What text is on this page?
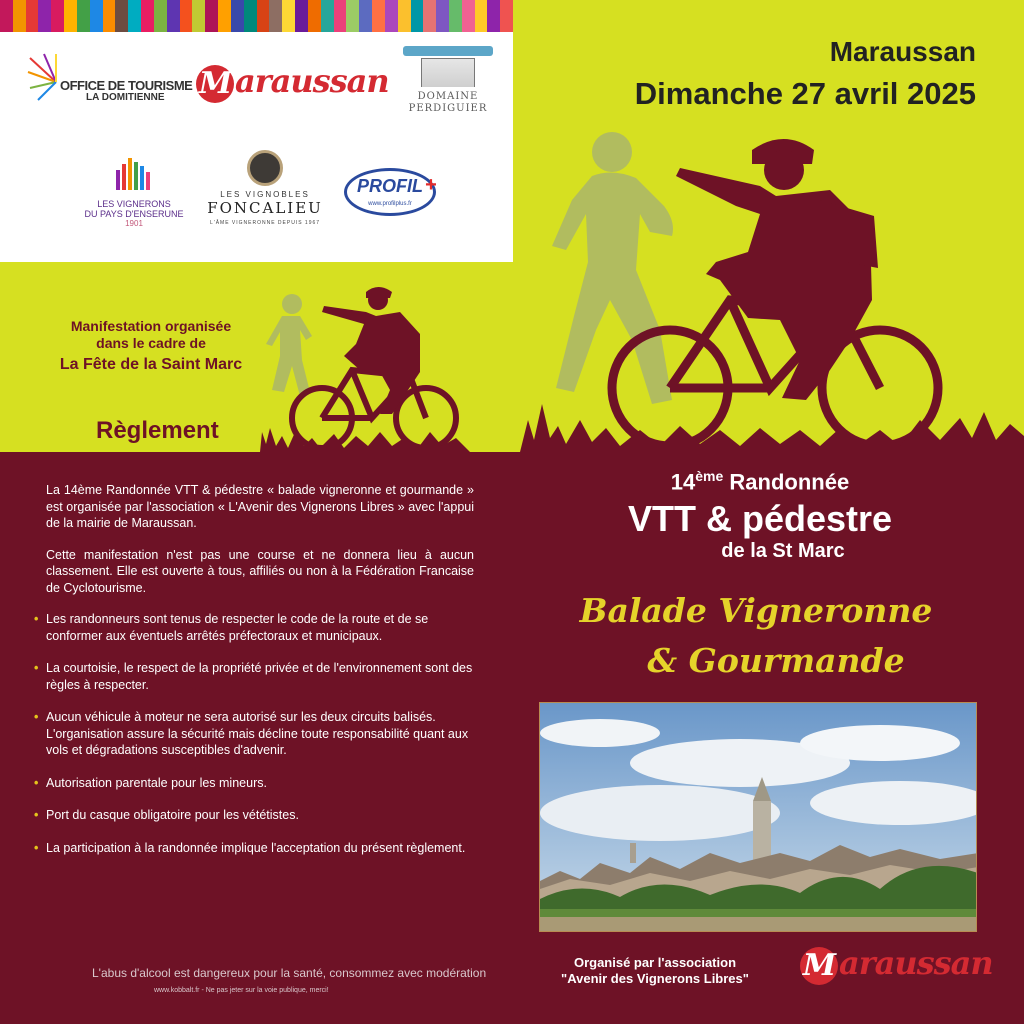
OFFICE DE TOURISME
LA DOMITIENNE M araussan	DOMAINE
PERDIGUIER
LES VIGNERONS
DU PAYS D'ENSERUNE
1901
LES VIGNOBLES
FONCALIEU
L'ÂME VIGNERONNE DEPUIS 1967
PROFIL
www.profilplus.fr
+
Maraussan
Dimanche 27 avril 2025
Manifestation organisée
dans le cadre de
La Fête de la Saint Marc
Règlement

La 14ème Randonnée VTT & pédestre « balade vigneronne et gourmande » est organisée par l'association « L'Avenir des Vignerons Libres » avec l'appui de la mairie de Maraussan.

Cette manifestation n'est pas une course et ne donnera lieu à aucun classement. Elle est ouverte à tous, affiliés ou non à la Fédération Francaise de Cyclotourisme.

• Les randonneurs sont tenus de respecter le code de la route et de se conformer aux éventuels arrêtés préfectoraux et municipaux.
• La courtoisie, le respect de la propriété privée et de l'environnement sont des règles à respecter.
• Aucun véhicule à moteur ne sera autorisé sur les deux circuits balisés. L'organisation assure la sécurité mais décline toute responsabilité quant aux vols et dégradations susceptibles d'advenir.
• Autorisation parentale pour les mineurs.
• Port du casque obligatoire pour les vététistes.
• La participation à la randonnée implique l'acceptation du présent règlement.
L'abus d'alcool est dangereux pour la santé, consommez avec modération
www.kobbalt.fr - Ne pas jeter sur la voie publique, merci!
14ème Randonnée
VTT & pédestre
de la St Marc
Balade Vigneronne
& Gourmande
Organisé par l'association
"Avenir des Vignerons Libres"	M araussan
